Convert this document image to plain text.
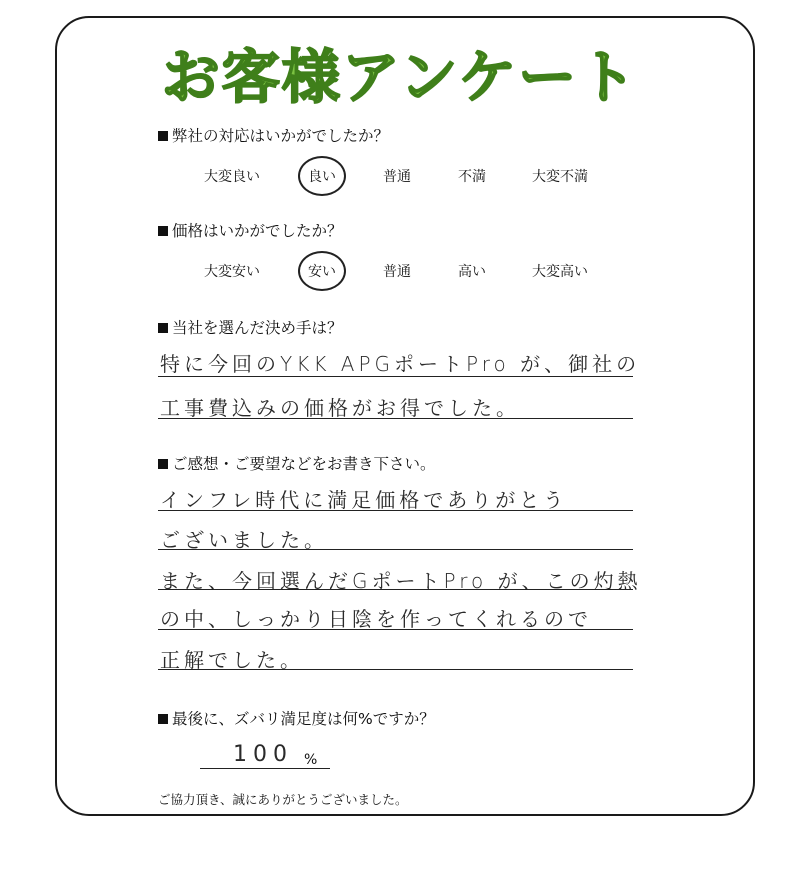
お客様アンケート
弊社の対応はいかがでしたか？
大変良い	良い	普通	不満	大変不満
価格はいかがでしたか？
大変安い	安い	普通	高い	大変高い
当社を選んだ決め手は？
特に今回のYKK APGポートPro が、御社の
工事費込みの価格がお得でした。
ご感想・ご要望などをお書き下さい。
インフレ時代に満足価格でありがとう
ございました。
また、今回選んだGポートPro が、この灼熱
の中、しっかり日陰を作ってくれるので
正解でした。
最後に、ズバリ満足度は何%ですか？
100 %
ご協力頂き、誠にありがとうございました。
